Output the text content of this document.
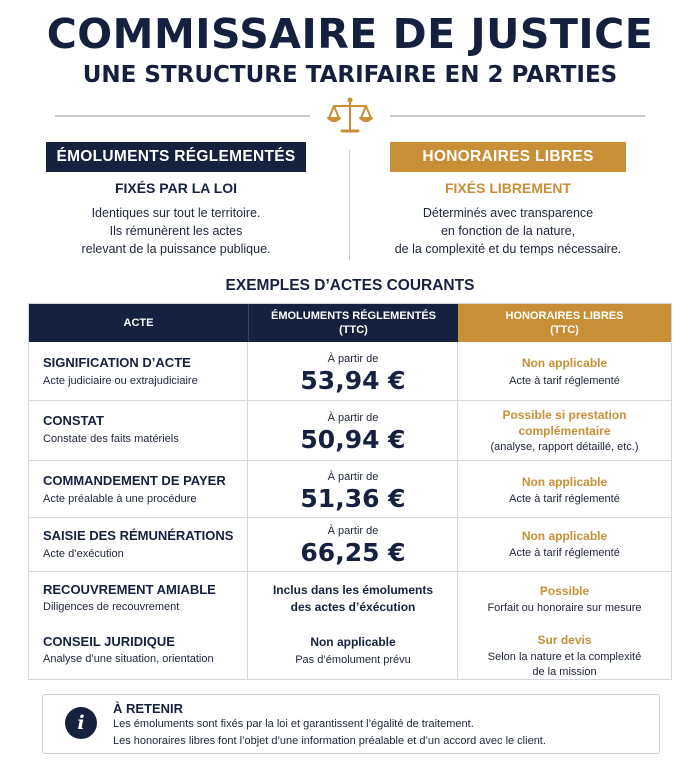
COMMISSAIRE DE JUSTICE
UNE STRUCTURE TARIFAIRE EN 2 PARTIES
ÉMOLUMENTS RÉGLEMENTÉS	HONORAIRES LIBRES
FIXÉS PAR LA LOI
Identiques sur tout le territoire.
Ils rémunèrent les actes
relevant de la puissance publique.
FIXÉS LIBREMENT
Déterminés avec transparence
en fonction de la nature,
de la complexité et du temps nécessaire.
EXEMPLES D’ACTES COURANTS
ACTE
ÉMOLUMENTS RÉGLEMENTÉS
(TTC)
HONORAIRES LIBRES
(TTC)
SIGNIFICATION D’ACTE
Acte judiciaire ou extrajudiciaire
À partir de
53,94 €
Non applicable
Acte à tarif réglementé
CONSTAT
Constate des faits matériels
À partir de
50,94 €
Possible si prestation
complémentaire
(analyse, rapport détaillé, etc.)
COMMANDEMENT DE PAYER
Acte préalable à une procédure
À partir de
51,36 €
Non applicable
Acte à tarif réglementé
SAISIE DES RÉMUNÉRATIONS
Acte d’exécution
À partir de
66,25 €
Non applicable
Acte à tarif réglementé
RECOUVREMENT AMIABLE
Diligences de recouvrement
Inclus dans les émoluments
des actes d’éxécution
Possible
Forfait ou honoraire sur mesure
CONSEIL JURIDIQUE
Analyse d’une situation, orientation
Non applicable
Pas d’émolument prévu
Sur devis
Selon la nature et la complexité
de la mission
i
À RETENIR
Les émoluments sont fixés par la loi et garantissent l’égalité de traitement.
Les honoraires libres font l’objet d’une information préalable et d’un accord avec le client.
